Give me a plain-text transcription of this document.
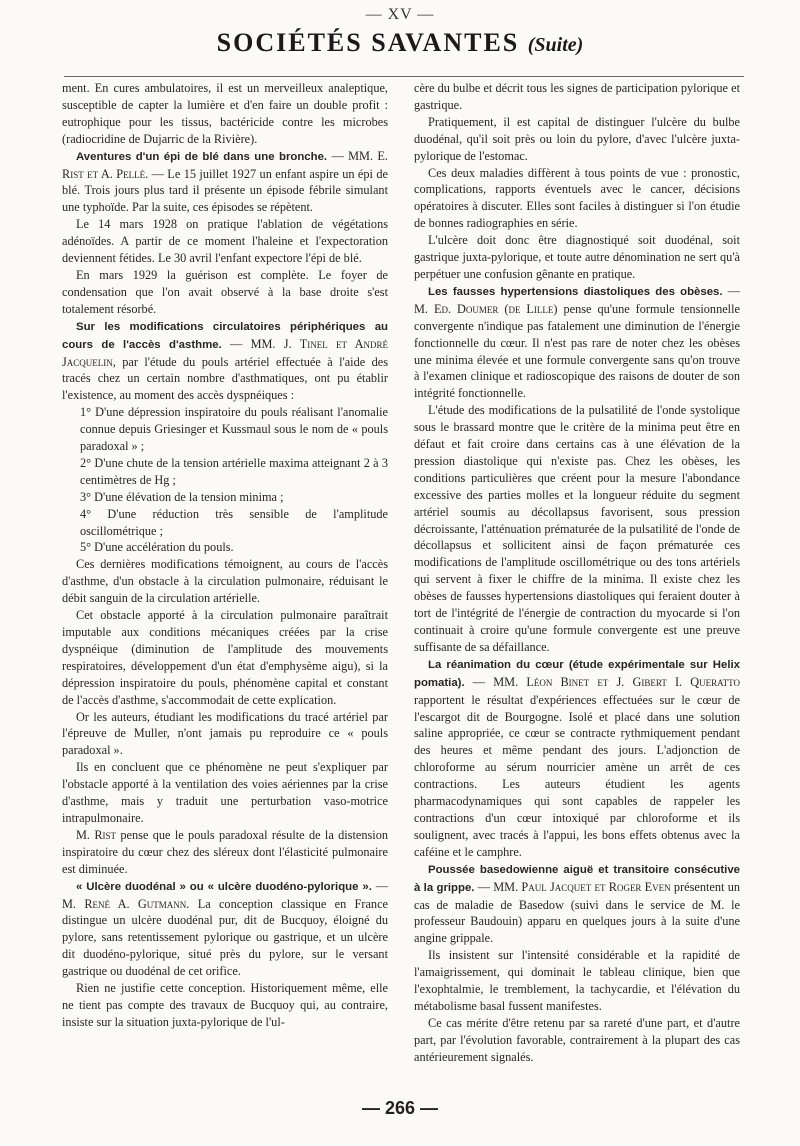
— XV —
SOCIÉTÉS SAVANTES (Suite)

ment. En cures ambulatoires, il est un merveilleux analeptique, susceptible de capter la lumière et d'en faire un double profit : eutrophique pour les tissus, bactéricide contre les microbes (radiocridine de Dujarric de la Rivière).

Aventures d'un épi de blé dans une bronche. — MM. E. Rist et A. Pellé. — Le 15 juillet 1927 un enfant aspire un épi de blé. Trois jours plus tard il présente un épisode fébrile simulant une typhoïde. Par la suite, ces épisodes se répètent.

Le 14 mars 1928 on pratique l'ablation de végétations adénoïdes. A partir de ce moment l'haleine et l'expectoration deviennent fétides. Le 30 avril l'enfant expectore l'épi de blé.

En mars 1929 la guérison est complète. Le foyer de condensation que l'on avait observé à la base droite s'est totalement résorbé.

Sur les modifications circulatoires périphériques au cours de l'accès d'asthme. — MM. J. Tinel et André Jacquelin, par l'étude du pouls artériel effectuée à l'aide des tracés chez un certain nombre d'asthmatiques, ont pu établir l'existence, au moment des accès dyspnéiques :

1° D'une dépression inspiratoire du pouls réalisant l'anomalie connue depuis Griesinger et Kussmaul sous le nom de « pouls paradoxal » ;

2° D'une chute de la tension artérielle maxima atteignant 2 à 3 centimètres de Hg ;

3° D'une élévation de la tension minima ;

4° D'une réduction très sensible de l'amplitude oscillométrique ;

5° D'une accélération du pouls.

Ces dernières modifications témoignent, au cours de l'accès d'asthme, d'un obstacle à la circulation pulmonaire, réduisant le débit sanguin de la circulation artérielle.

Cet obstacle apporté à la circulation pulmonaire paraîtrait imputable aux conditions mécaniques créées par la crise dyspnéique (diminution de l'amplitude des mouvements respiratoires, développement d'un état d'emphysème aigu), si la dépression inspiratoire du pouls, phénomène capital et constant de l'accès d'asthme, s'accommodait de cette explication.

Or les auteurs, étudiant les modifications du tracé artériel par l'épreuve de Muller, n'ont jamais pu reproduire ce « pouls paradoxal ».

Ils en concluent que ce phénomène ne peut s'expliquer par l'obstacle apporté à la ventilation des voies aériennes par la crise d'asthme, mais y traduit une perturbation vaso-motrice intrapulmonaire.

M. Rist pense que le pouls paradoxal résulte de la distension inspiratoire du cœur chez des sléreux dont l'élasticité pulmonaire est diminuée.

« Ulcère duodénal » ou « ulcère duodéno-pylorique ». — M. René A. Gutmann. La conception classique en France distingue un ulcère duodénal pur, dit de Bucquoy, éloigné du pylore, sans retentissement pylorique ou gastrique, et un ulcère dit duodéno-pylorique, situé près du pylore, sur le versant gastrique ou duodénal de cet orifice.

Rien ne justifie cette conception. Historiquement même, elle ne tient pas compte des travaux de Bucquoy qui, au contraire, insiste sur la situation juxta-pylorique de l'ul-

cère du bulbe et décrit tous les signes de participation pylorique et gastrique.

Pratiquement, il est capital de distinguer l'ulcère du bulbe duodénal, qu'il soit près ou loin du pylore, d'avec l'ulcère juxta-pylorique de l'estomac.

Ces deux maladies diffèrent à tous points de vue : pronostic, complications, rapports éventuels avec le cancer, décisions opératoires à discuter. Elles sont faciles à distinguer si l'on étudie de bonnes radiographies en série.

L'ulcère doit donc être diagnostiqué soit duodénal, soit gastrique juxta-pylorique, et toute autre dénomination ne sert qu'à perpétuer une confusion gênante en pratique.

Les fausses hypertensions diastoliques des obèses. — M. Ed. Doumer (de Lille) pense qu'une formule tensionnelle convergente n'indique pas fatalement une diminution de l'énergie fonctionnelle du cœur. Il n'est pas rare de noter chez les obèses une minima élevée et une formule convergente sans qu'on trouve à l'examen clinique et radioscopique des raisons de douter de son intégrité fonctionnelle.

L'étude des modifications de la pulsatilité de l'onde systolique sous le brassard montre que le critère de la minima peut être en défaut et fait croire dans certains cas à une élévation de la pression diastolique qui n'existe pas. Chez les obèses, les conditions particulières que créent pour la mesure l'abondance excessive des parties molles et la longueur réduite du segment artériel soumis au décollapsus favorisent, sous pression décroissante, l'atténuation prématurée de la pulsatilité de l'onde de décollapsus et sollicitent ainsi de façon prématurée ces modifications de l'amplitude oscillométrique ou des tons artériels qui servent à fixer le chiffre de la minima. Il existe chez les obèses de fausses hypertensions diastoliques qui feraient douter à tort de l'intégrité de l'énergie de contraction du myocarde si l'on continuait à croire qu'une formule convergente est une preuve suffisante de sa défaillance.

La réanimation du cœur (étude expérimentale sur Helix pomatia). — MM. Léon Binet et J. Gibert I. Queratto rapportent le résultat d'expériences effectuées sur le cœur de l'escargot dit de Bourgogne. Isolé et placé dans une solution saline appropriée, ce cœur se contracte rythmiquement pendant des heures et même pendant des jours. L'adjonction de chloroforme au sérum nourricier amène un arrêt de ces contractions. Les auteurs étudient les agents pharmacodynamiques qui sont capables de rappeler les contractions d'un cœur intoxiqué par chloroforme et ils soulignent, avec tracés à l'appui, les bons effets obtenus avec la caféine et le camphre.

Poussée basedowienne aiguë et transitoire consécutive à la grippe. — MM. Paul Jacquet et Roger Even présentent un cas de maladie de Basedow (suivi dans le service de M. le professeur Baudouin) apparu en quelques jours à la suite d'une angine grippale.

Ils insistent sur l'intensité considérable et la rapidité de l'amaigrissement, qui dominait le tableau clinique, bien que l'exophtalmie, le tremblement, la tachycardie, et l'élévation du métabolisme basal fussent manifestes.

Ce cas mérite d'être retenu par sa rareté d'une part, et d'autre part, par l'évolution favorable, contrairement à la plupart des cas antérieurement signalés.

— 266 —
